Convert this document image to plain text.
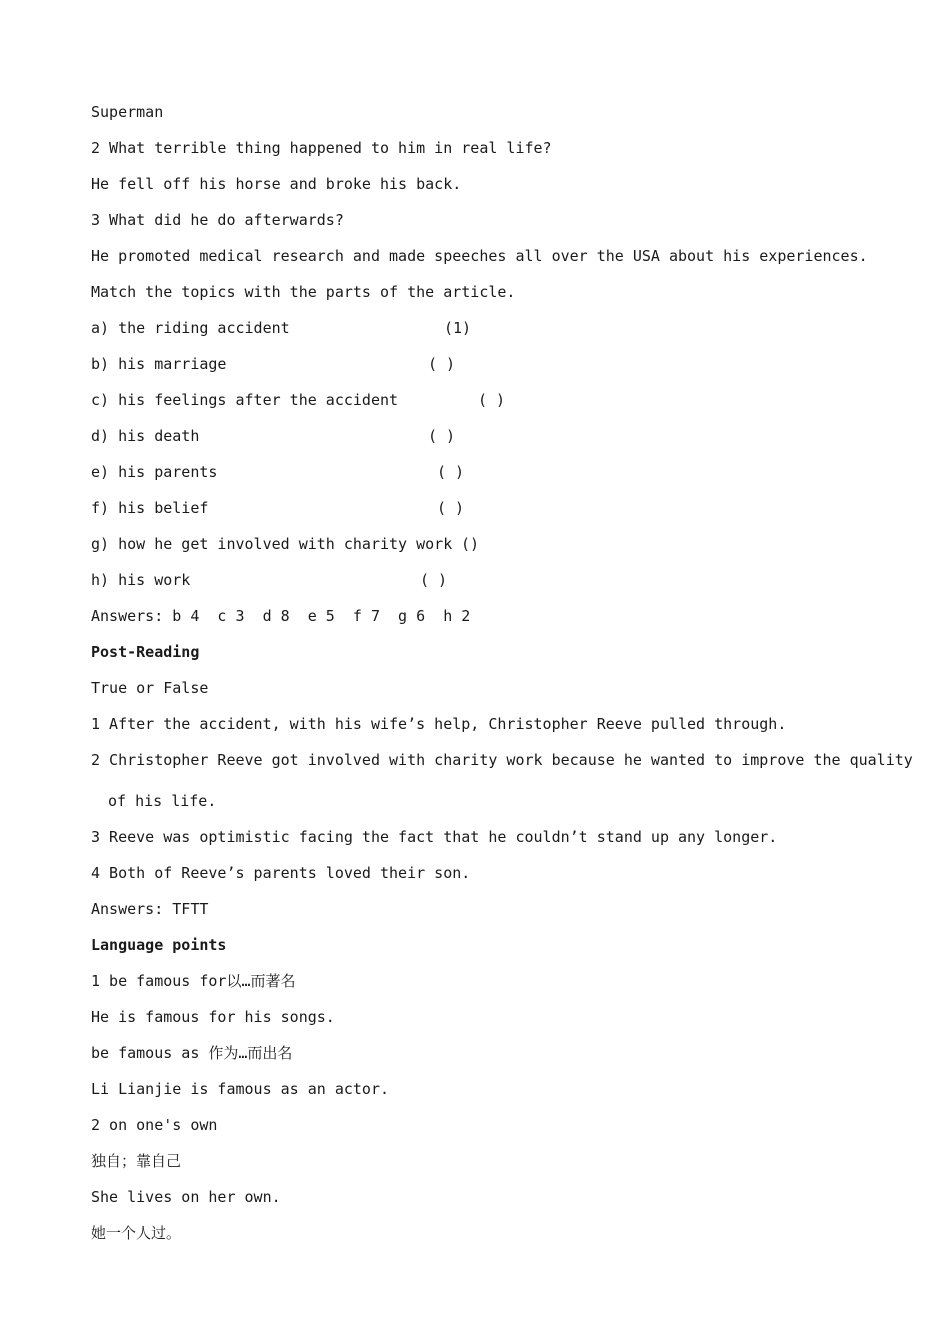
Superman
2 What terrible thing happened to him in real life?
He fell off his horse and broke his back.
3 What did he do afterwards?
He promoted medical research and made speeches all over the USA about his experiences.
Match the topics with the parts of the article.
a) the riding accident	(1)
b) his marriage	( )
c) his feelings after the accident	( )
d) his death	( )
e) his parents	( )
f) his belief	( )
g) how he get involved with charity work ()
h) his work	( )
Answers: b 4  c 3  d 8  e 5  f 7  g 6  h 2
Post-Reading
True or False
1 After the accident, with his wife’s help, Christopher Reeve pulled through.
2 Christopher Reeve got involved with charity work because he wanted to improve the quality
of his life.
3 Reeve was optimistic facing the fact that he couldn’t stand up any longer.
4 Both of Reeve’s parents loved their son.
Answers: TFTT
Language points
1 be famous for以…而著名
He is famous for his songs.
be famous as 作为…而出名
Li Lianjie is famous as an actor.
2 on one's own
独自；靠自己
She lives on her own.
她一个人过。
